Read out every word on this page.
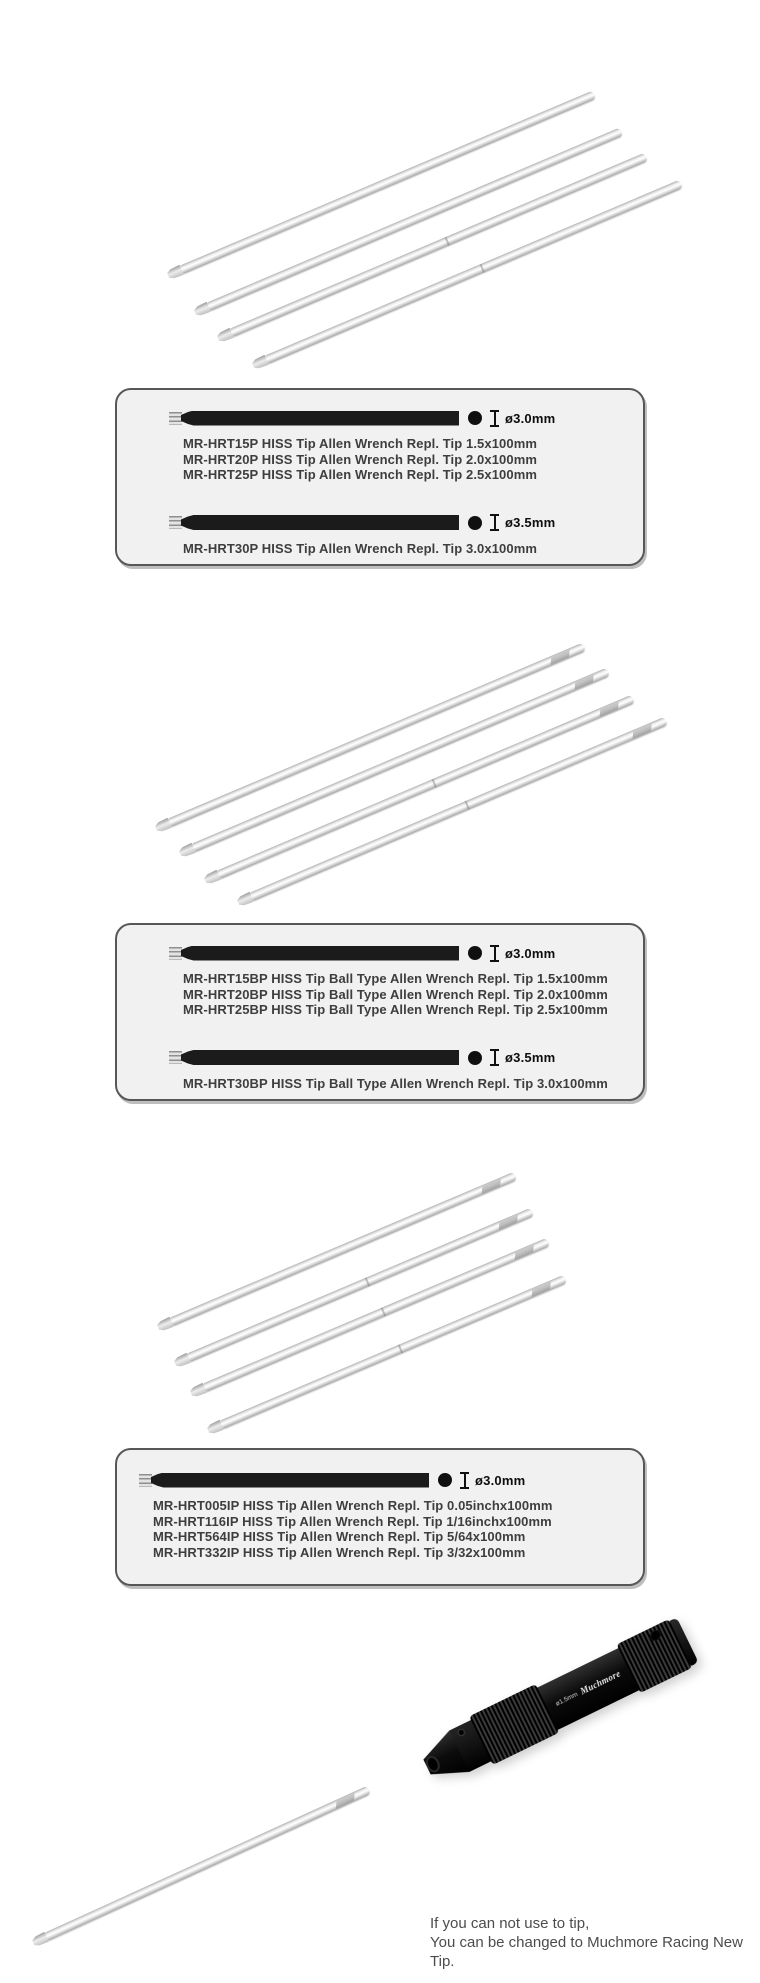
ø3.0mm

MR-HRT15P HISS Tip Allen Wrench Repl. Tip 1.5x100mm

MR-HRT20P HISS Tip Allen Wrench Repl. Tip 2.0x100mm

MR-HRT25P HISS Tip Allen Wrench Repl. Tip 2.5x100mm

ø3.5mm

MR-HRT30P HISS Tip Allen Wrench Repl. Tip 3.0x100mm

ø3.0mm

MR-HRT15BP HISS Tip Ball Type Allen Wrench Repl. Tip 1.5x100mm

MR-HRT20BP HISS Tip Ball Type Allen Wrench Repl. Tip 2.0x100mm

MR-HRT25BP HISS Tip Ball Type Allen Wrench Repl. Tip 2.5x100mm

ø3.5mm

MR-HRT30BP HISS Tip Ball Type Allen Wrench Repl. Tip 3.0x100mm

ø3.0mm

MR-HRT005IP HISS Tip Allen Wrench Repl. Tip 0.05inchx100mm

MR-HRT116IP HISS Tip Allen Wrench Repl. Tip 1/16inchx100mm

MR-HRT564IP HISS Tip Allen Wrench Repl. Tip 5/64x100mm

MR-HRT332IP HISS Tip Allen Wrench Repl. Tip 3/32x100mm

ø1.5mm
Muchmore

If you can not use to tip,

You can be changed to Muchmore Racing New Tip.
